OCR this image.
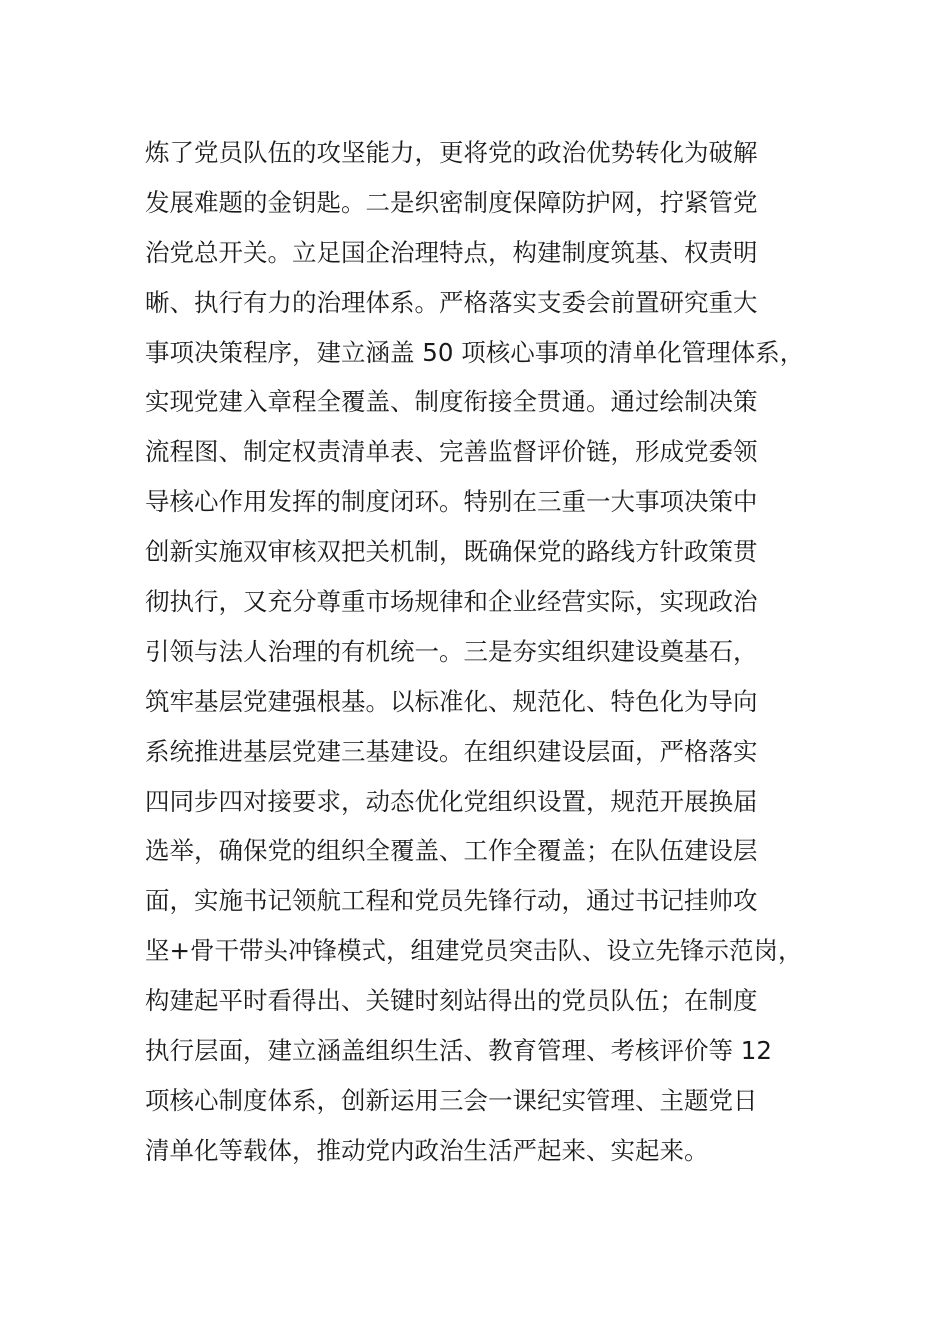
炼了党员队伍的攻坚能力，更将党的政治优势转化为破解
发展难题的金钥匙。二是织密制度保障防护网，拧紧管党
治党总开关。立足国企治理特点，构建制度筑基、权责明
晰、执行有力的治理体系。严格落实支委会前置研究重大
事项决策程序，建立涵盖 50 项核心事项的清单化管理体系，
实现党建入章程全覆盖、制度衔接全贯通。通过绘制决策
流程图、制定权责清单表、完善监督评价链，形成党委领
导核心作用发挥的制度闭环。特别在三重一大事项决策中
创新实施双审核双把关机制，既确保党的路线方针政策贯
彻执行，又充分尊重市场规律和企业经营实际，实现政治
引领与法人治理的有机统一。三是夯实组织建设奠基石，
筑牢基层党建强根基。以标准化、规范化、特色化为导向
系统推进基层党建三基建设。在组织建设层面，严格落实
四同步四对接要求，动态优化党组织设置，规范开展换届
选举，确保党的组织全覆盖、工作全覆盖；在队伍建设层
面，实施书记领航工程和党员先锋行动，通过书记挂帅攻
坚+骨干带头冲锋模式，组建党员突击队、设立先锋示范岗，
构建起平时看得出、关键时刻站得出的党员队伍；在制度
执行层面，建立涵盖组织生活、教育管理、考核评价等 12
项核心制度体系，创新运用三会一课纪实管理、主题党日
清单化等载体，推动党内政治生活严起来、实起来。
